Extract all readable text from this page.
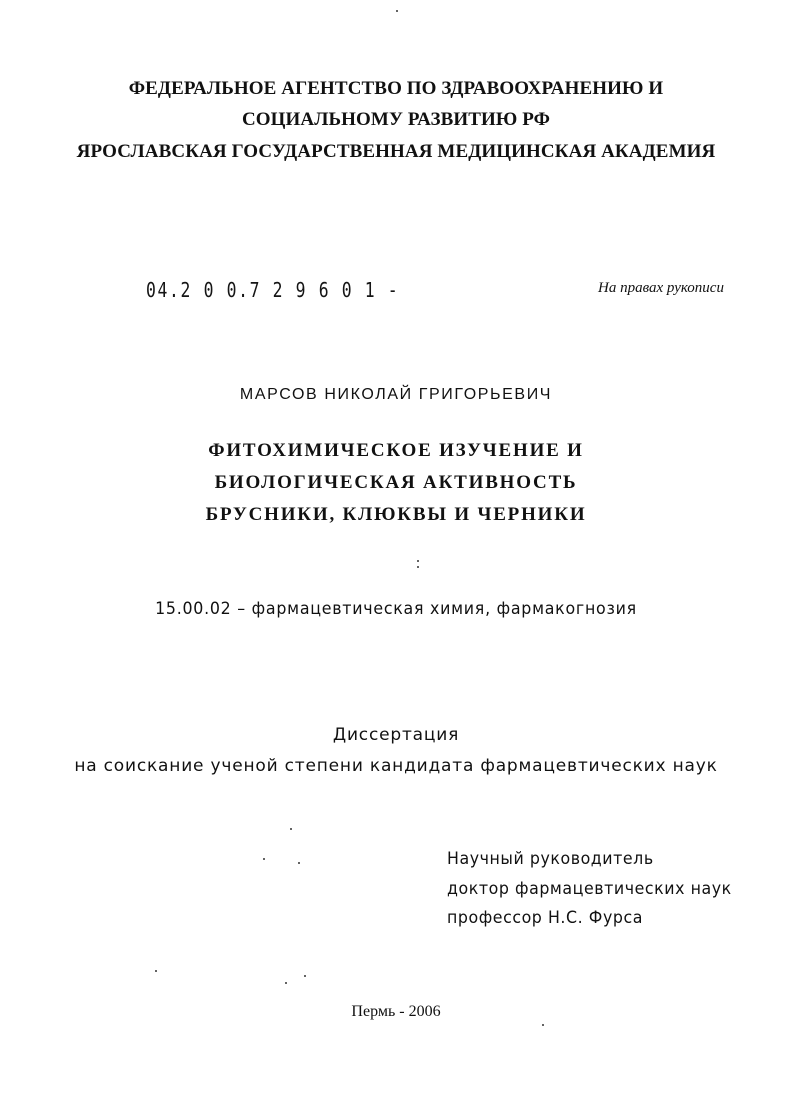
ФЕДЕРАЛЬНОЕ АГЕНТСТВО ПО ЗДРАВООХРАНЕНИЮ И
СОЦИАЛЬНОМУ РАЗВИТИЮ РФ
ЯРОСЛАВСКАЯ ГОСУДАРСТВЕННАЯ МЕДИЦИНСКАЯ АКАДЕМИЯ
04.2 0 0.7 2 9 6 0 1 -	На правах рукописи
МАРСОВ НИКОЛАЙ ГРИГОРЬЕВИЧ
ФИТОХИМИЧЕСКОЕ ИЗУЧЕНИЕ И
БИОЛОГИЧЕСКАЯ АКТИВНОСТЬ
БРУСНИКИ, КЛЮКВЫ И ЧЕРНИКИ
15.00.02 – фармацевтическая химия, фармакогнозия
Диссертация
на соискание ученой степени кандидата фармацевтических наук
Научный руководитель
доктор фармацевтических наук
профессор Н.С. Фурса
Пермь - 2006
